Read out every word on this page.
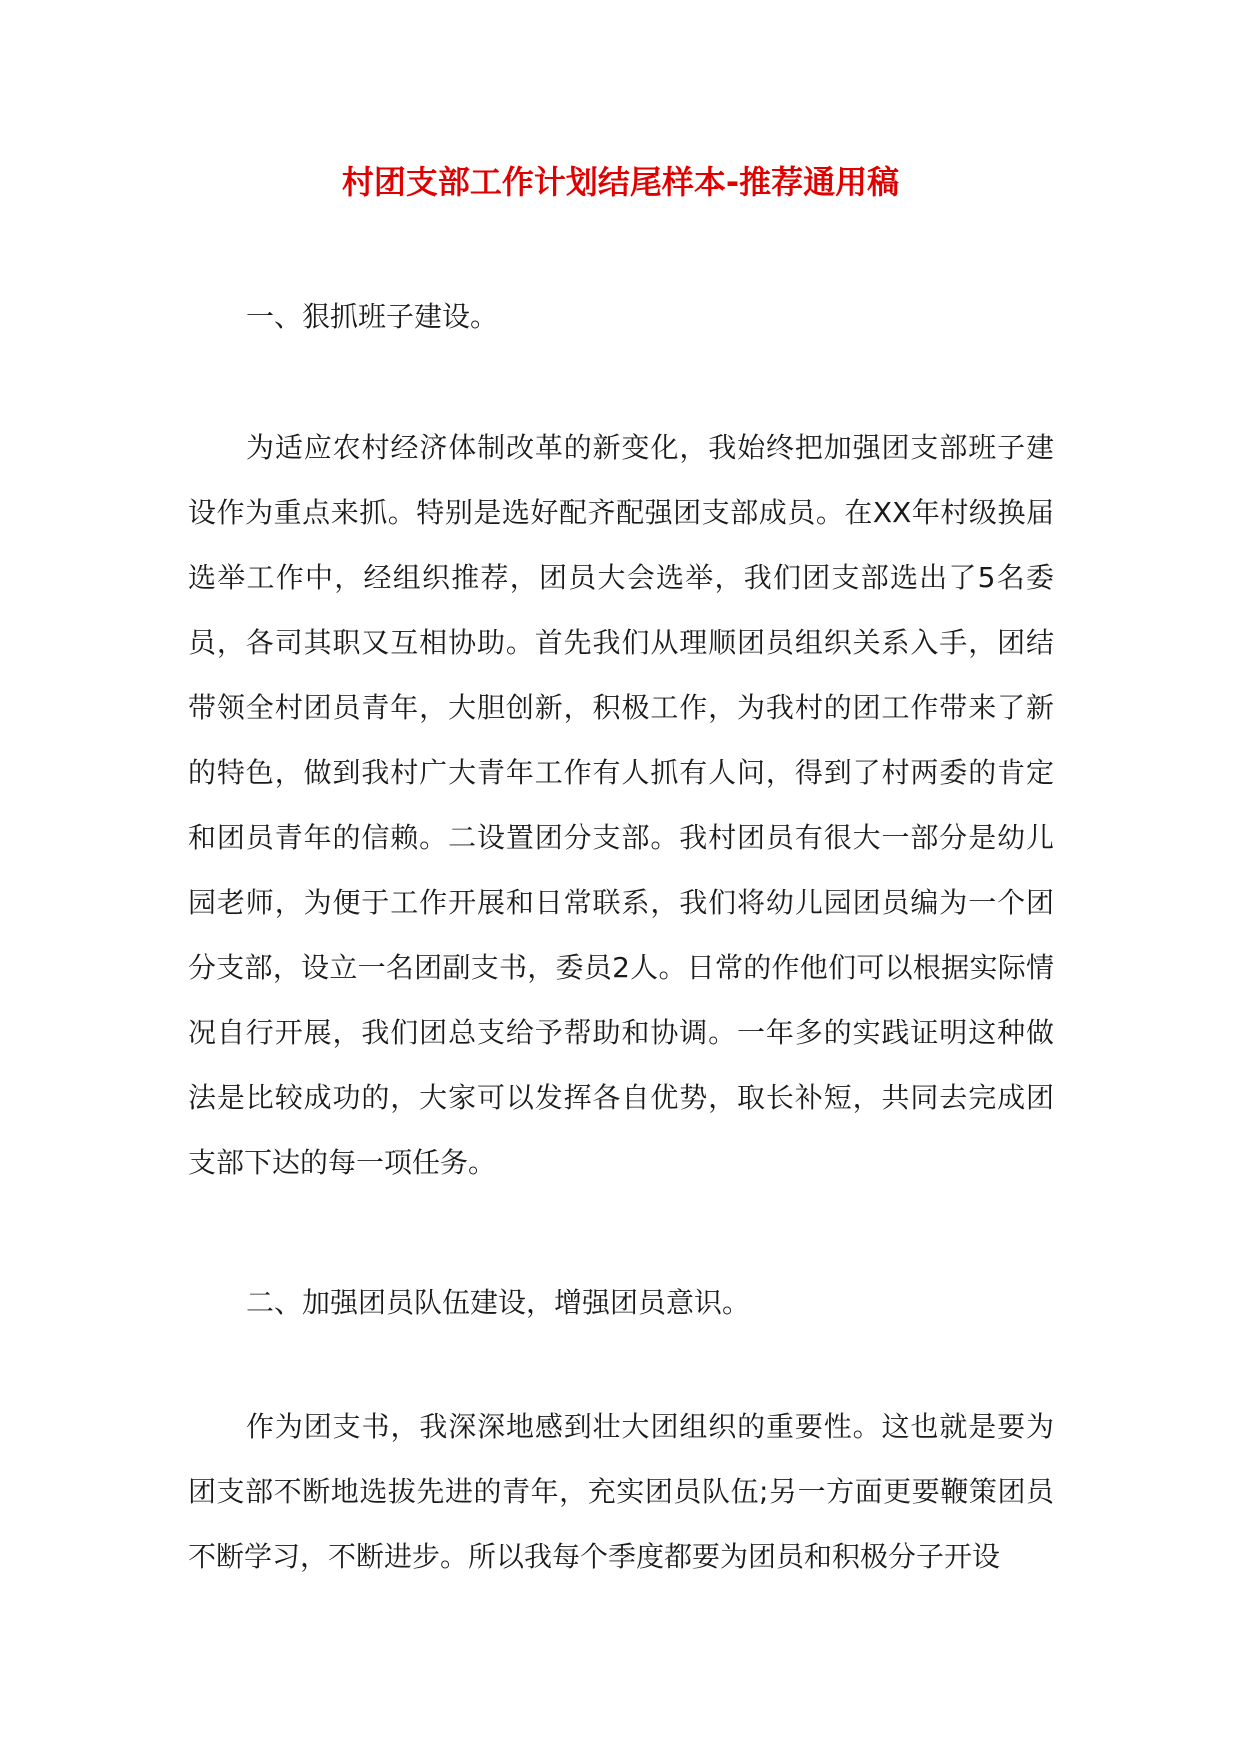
村团支部工作计划结尾样本-推荐通用稿

一、狠抓班子建设。

为适应农村经济体制改革的新变化，我始终把加强团支部班子建设作为重点来抓。特别是选好配齐配强团支部成员。在XX年村级换届选举工作中，经组织推荐，团员大会选举，我们团支部选出了5名委员，各司其职又互相协助。首先我们从理顺团员组织关系入手，团结带领全村团员青年，大胆创新，积极工作，为我村的团工作带来了新的特色，做到我村广大青年工作有人抓有人问，得到了村两委的肯定和团员青年的信赖。二设置团分支部。我村团员有很大一部分是幼儿园老师，为便于工作开展和日常联系，我们将幼儿园团员编为一个团分支部，设立一名团副支书，委员2人。日常的作他们可以根据实际情况自行开展，我们团总支给予帮助和协调。一年多的实践证明这种做法是比较成功的，大家可以发挥各自优势，取长补短，共同去完成团支部下达的每一项任务。

二、加强团员队伍建设，增强团员意识。

作为团支书，我深深地感到壮大团组织的重要性。这也就是要为团支部不断地选拔先进的青年，充实团员队伍;另一方面更要鞭策团员不断学习，不断进步。所以我每个季度都要为团员和积极分子开设
